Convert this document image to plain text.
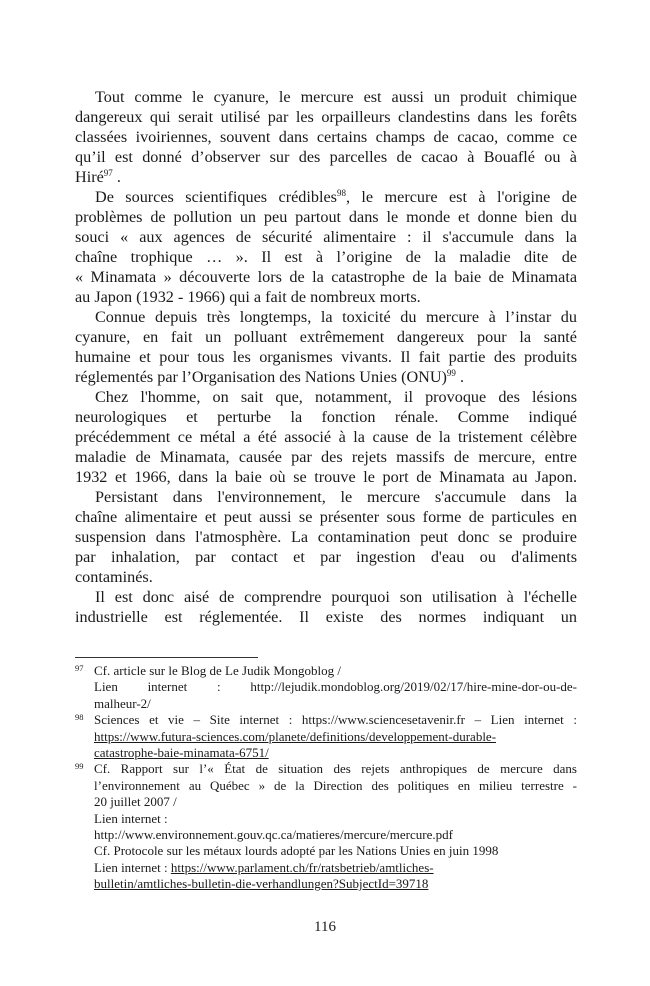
Tout comme le cyanure, le mercure est aussi un produit chimique
dangereux qui serait utilisé par les orpailleurs clandestins dans les forêts
classées ivoiriennes, souvent dans certains champs de cacao, comme ce
qu’il est donné d’observer sur des parcelles de cacao à Bouaflé ou à
Hiré$^{97}$ .
De sources scientifiques crédibles$^{98}$, le mercure est à l'origine de
problèmes de pollution un peu partout dans le monde et donne bien du
souci « aux agences de sécurité alimentaire : il s'accumule dans la
chaîne trophique … ». Il est à l’origine de la maladie dite de
« Minamata » découverte lors de la catastrophe de la baie de Minamata
au Japon (1932 - 1966) qui a fait de nombreux morts.
Connue depuis très longtemps, la toxicité du mercure à l’instar du
cyanure, en fait un polluant extrêmement dangereux pour la santé
humaine et pour tous les organismes vivants. Il fait partie des produits
réglementés par l’Organisation des Nations Unies (ONU)$^{99}$ .
Chez l'homme, on sait que, notamment, il provoque des lésions
neurologiques et perturbe la fonction rénale. Comme indiqué
précédemment ce métal a été associé à la cause de la tristement célèbre
maladie de Minamata, causée par des rejets massifs de mercure, entre
1932 et 1966, dans la baie où se trouve le port de Minamata au Japon.
Persistant dans l'environnement, le mercure s'accumule dans la
chaîne alimentaire et peut aussi se présenter sous forme de particules en
suspension dans l'atmosphère. La contamination peut donc se produire
par inhalation, par contact et par ingestion d'eau ou d'aliments
contaminés.
Il est donc aisé de comprendre pourquoi son utilisation à l'échelle
industrielle est réglementée. Il existe des normes indiquant un
97 Cf. article sur le Blog de Le Judik Mongoblog /
Lien internet : http://lejudik.mondoblog.org/2019/02/17/hire-mine-dor-ou-de-
malheur-2/
98 Sciences et vie – Site internet : https://www.sciencesetavenir.fr – Lien internet :
https://www.futura-sciences.com/planete/definitions/developpement-durable-
catastrophe-baie-minamata-6751/
99 Cf. Rapport sur l’« État de situation des rejets anthropiques de mercure dans
l’environnement au Québec » de la Direction des politiques en milieu terrestre -
20 juillet 2007 /
Lien internet :
http://www.environnement.gouv.qc.ca/matieres/mercure/mercure.pdf
Cf. Protocole sur les métaux lourds adopté par les Nations Unies en juin 1998
Lien internet : https://www.parlament.ch/fr/ratsbetrieb/amtliches-
bulletin/amtliches-bulletin-die-verhandlungen?SubjectId=39718
116
